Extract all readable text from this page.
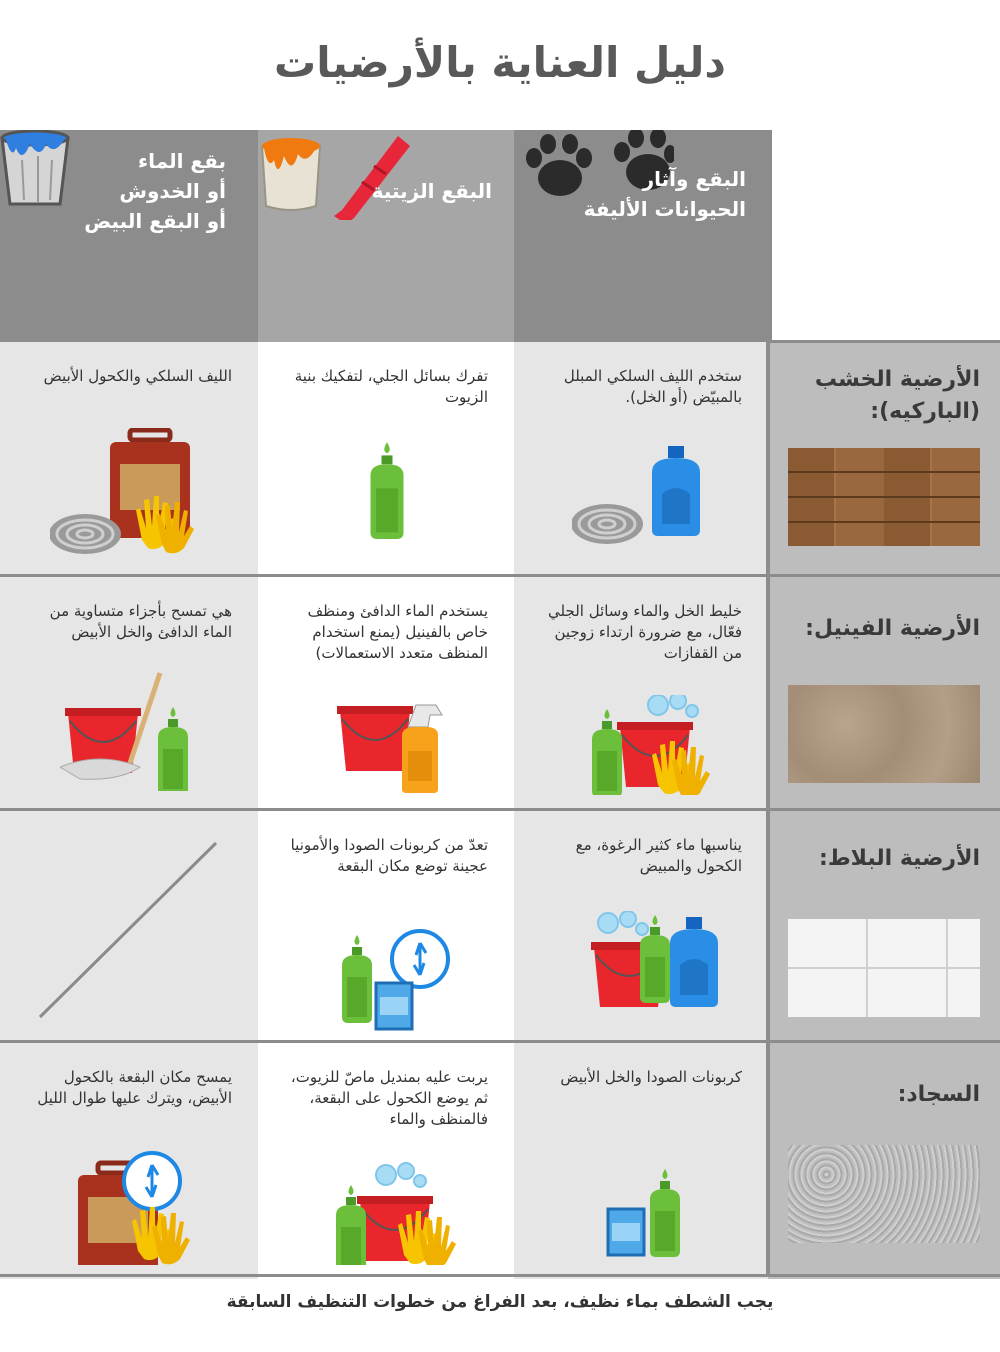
دليل العناية بالأرضيات
البقع وآثار
الحيوانات الأليفة
البقع الزيتية
بقع الماء
أو الخدوش
أو البقع البيض
الأرضية الخشب (الباركيه):
ستخدم الليف السلكي المبلل بالمبيّض (أو الخل).
تفرك بسائل الجلي، لتفكيك بنية الزيوت
الليف السلكي والكحول الأبيض
الأرضية الفينيل:
خليط الخل والماء وسائل الجلي فعّال، مع ضرورة ارتداء زوجين من القفازات
يستخدم الماء الدافئ ومنظف خاص بالفينيل (يمنع استخدام المنظف متعدد الاستعمالات)
هي تمسح بأجزاء متساوية من الماء الدافئ والخل الأبيض
الأرضية البلاط:
يناسبها ماء كثير الرغوة، مع الكحول والمبيض
تعدّ من كربونات الصودا والأمونيا عجينة توضع مكان البقعة
السجاد:
كربونات الصودا والخل الأبيض
يربت عليه بمنديل ماصّ للزيوت، ثم يوضع الكحول على البقعة، فالمنظف والماء
يمسح مكان البقعة بالكحول الأبيض، ويترك عليها طوال الليل
يجب الشطف بماء نظيف، بعد الفراغ من خطوات التنظيف السابقة
